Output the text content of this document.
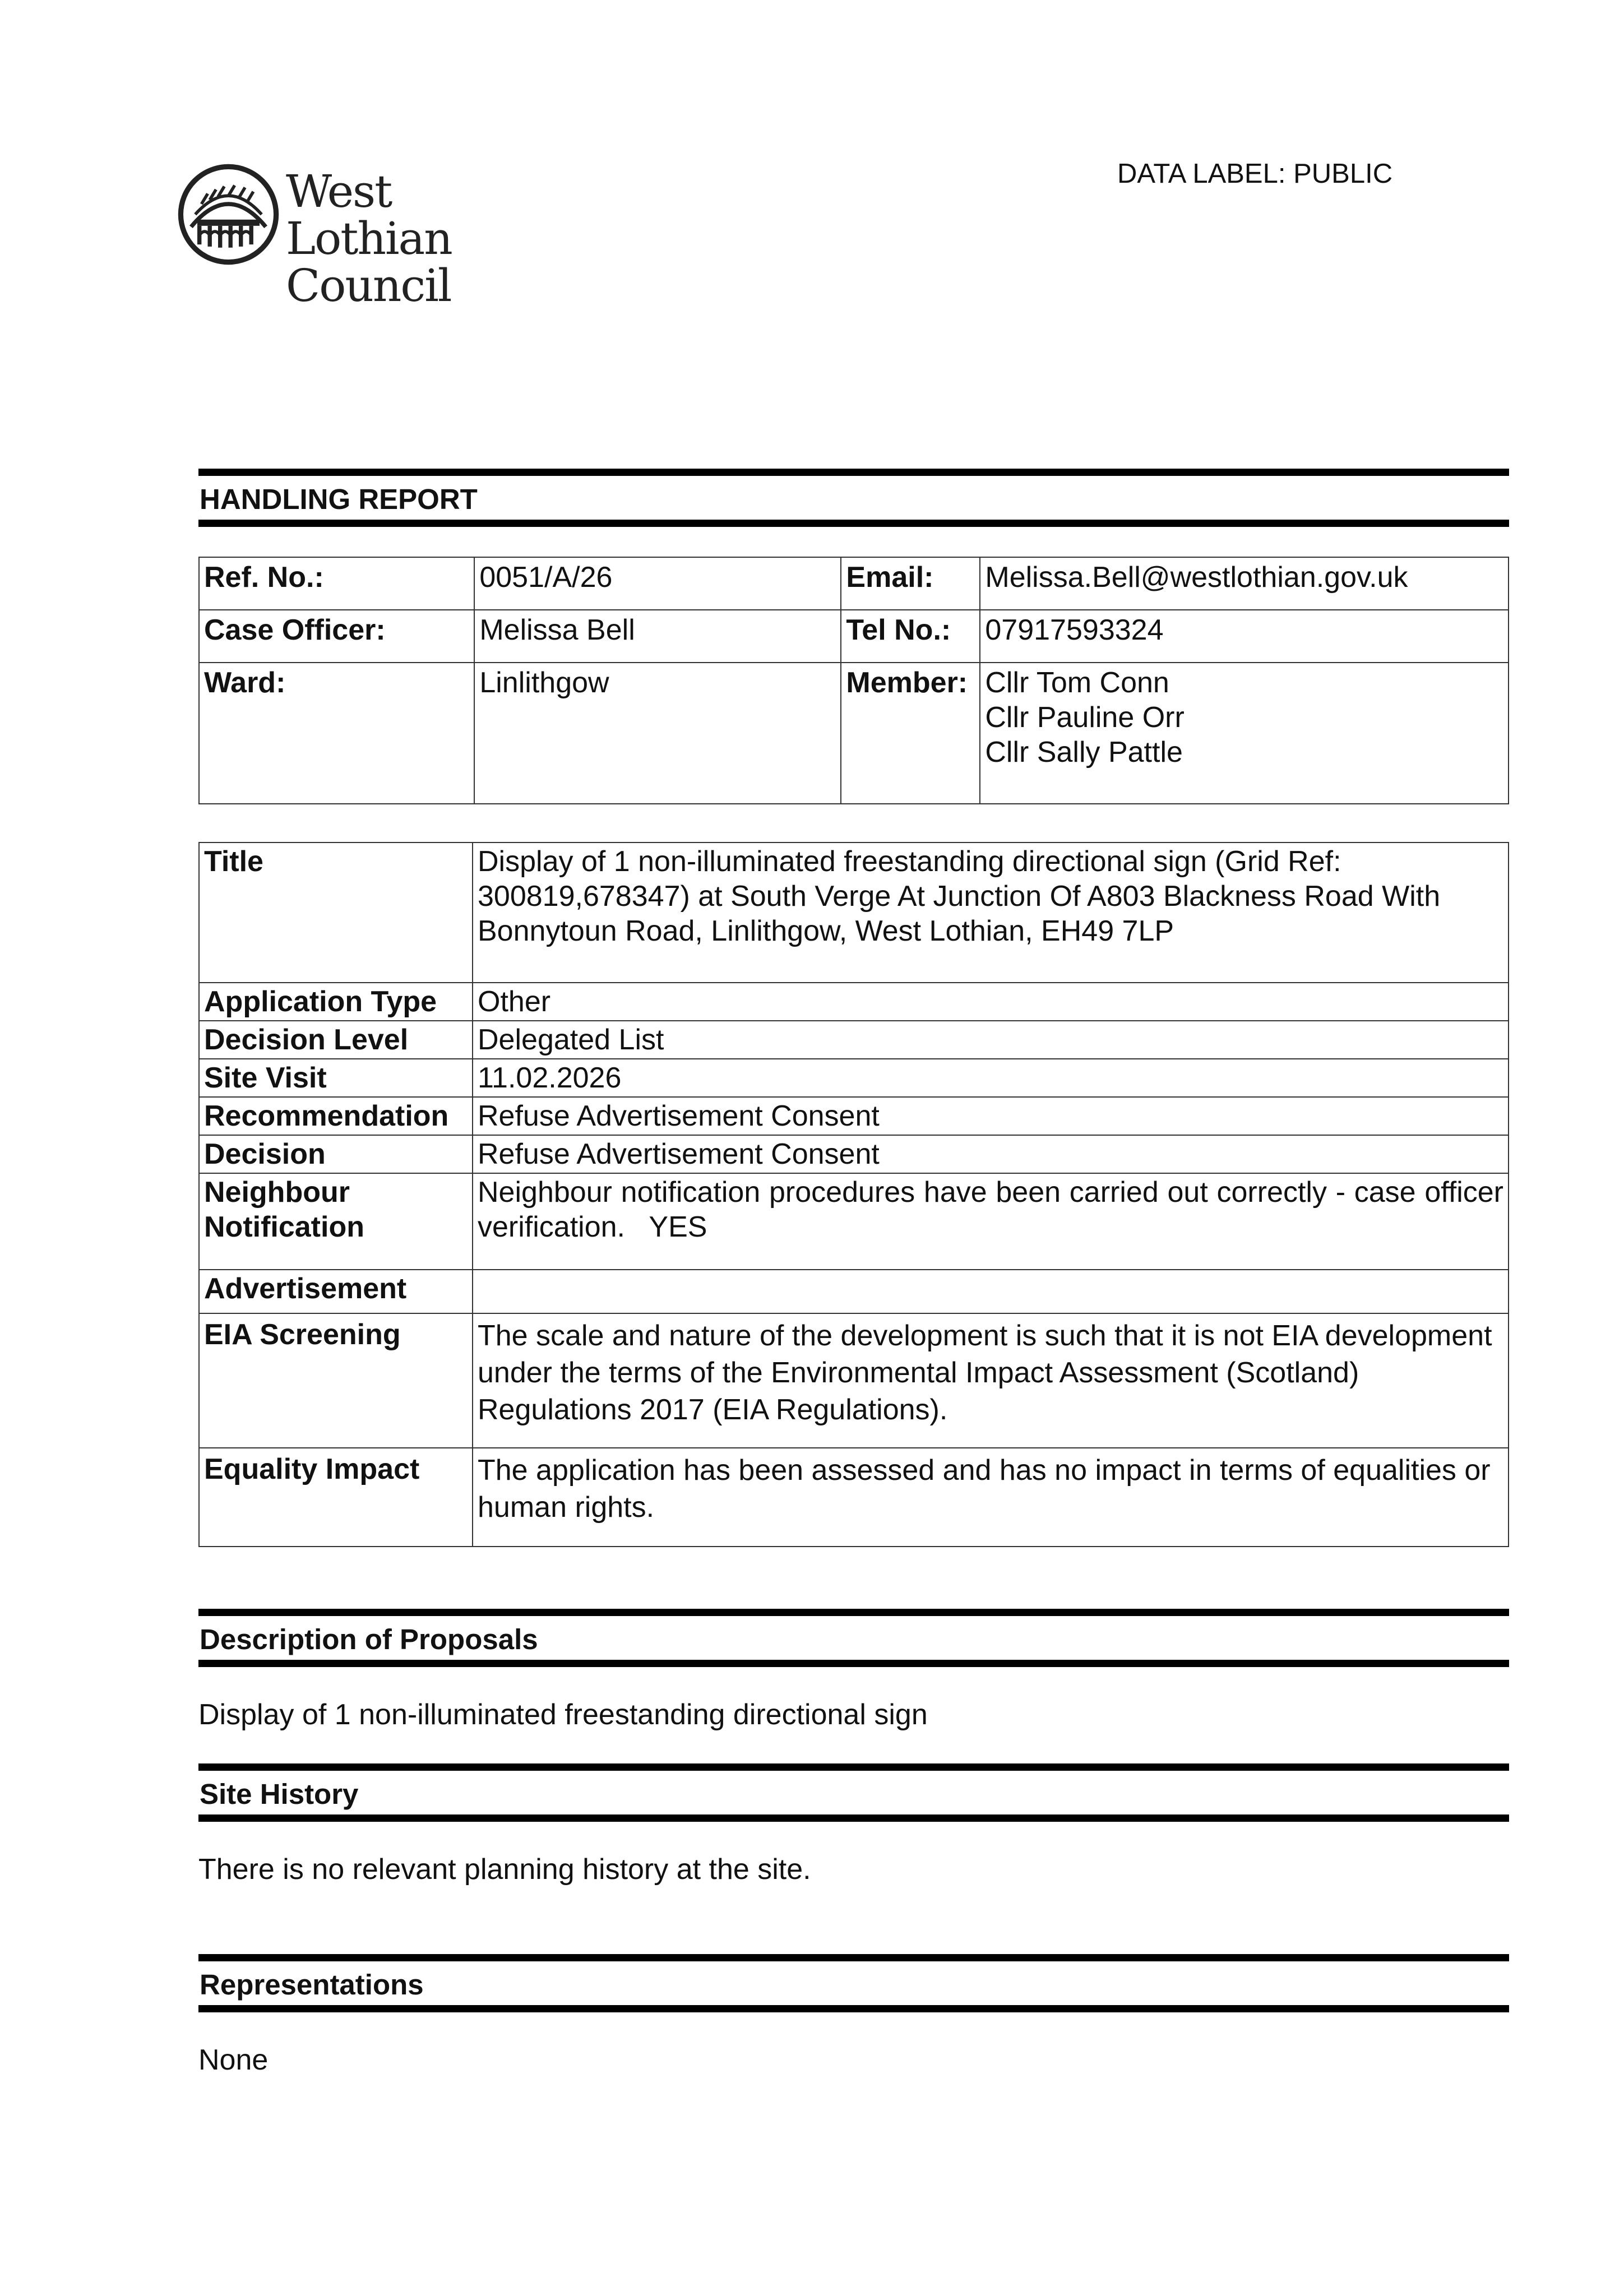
West Lothian
Council
DATA LABEL: PUBLIC
HANDLING REPORT
Ref. No.:	0051/A/26	Email:	Melissa.Bell@westlothian.gov.uk
Case Officer:	Melissa Bell	Tel No.:	07917593324
Ward:	Linlithgow	Member:	Cllr Tom Conn
Cllr Pauline Orr
Cllr Sally Pattle
Title	Display of 1 non-illuminated freestanding directional sign (Grid Ref: 300819,678347) at South Verge At Junction Of A803 Blackness Road With Bonnytoun Road, Linlithgow, West Lothian, EH49 7LP
Application Type	Other
Decision Level	Delegated List
Site Visit	11.02.2026
Recommendation	Refuse Advertisement Consent
Decision	Refuse Advertisement Consent

Neighbour
Notification	Neighbour notification procedures have been carried out correctly - case officer verification.   YES
Advertisement	
EIA Screening	The scale and nature of the development is such that it is not EIA development under the terms of the Environmental Impact Assessment (Scotland) Regulations 2017 (EIA Regulations).
Equality Impact	The application has been assessed and has no impact in terms of equalities or human rights.
Description of Proposals
Display of 1 non-illuminated freestanding directional sign
Site History
There is no relevant planning history at the site.
Representations
None
